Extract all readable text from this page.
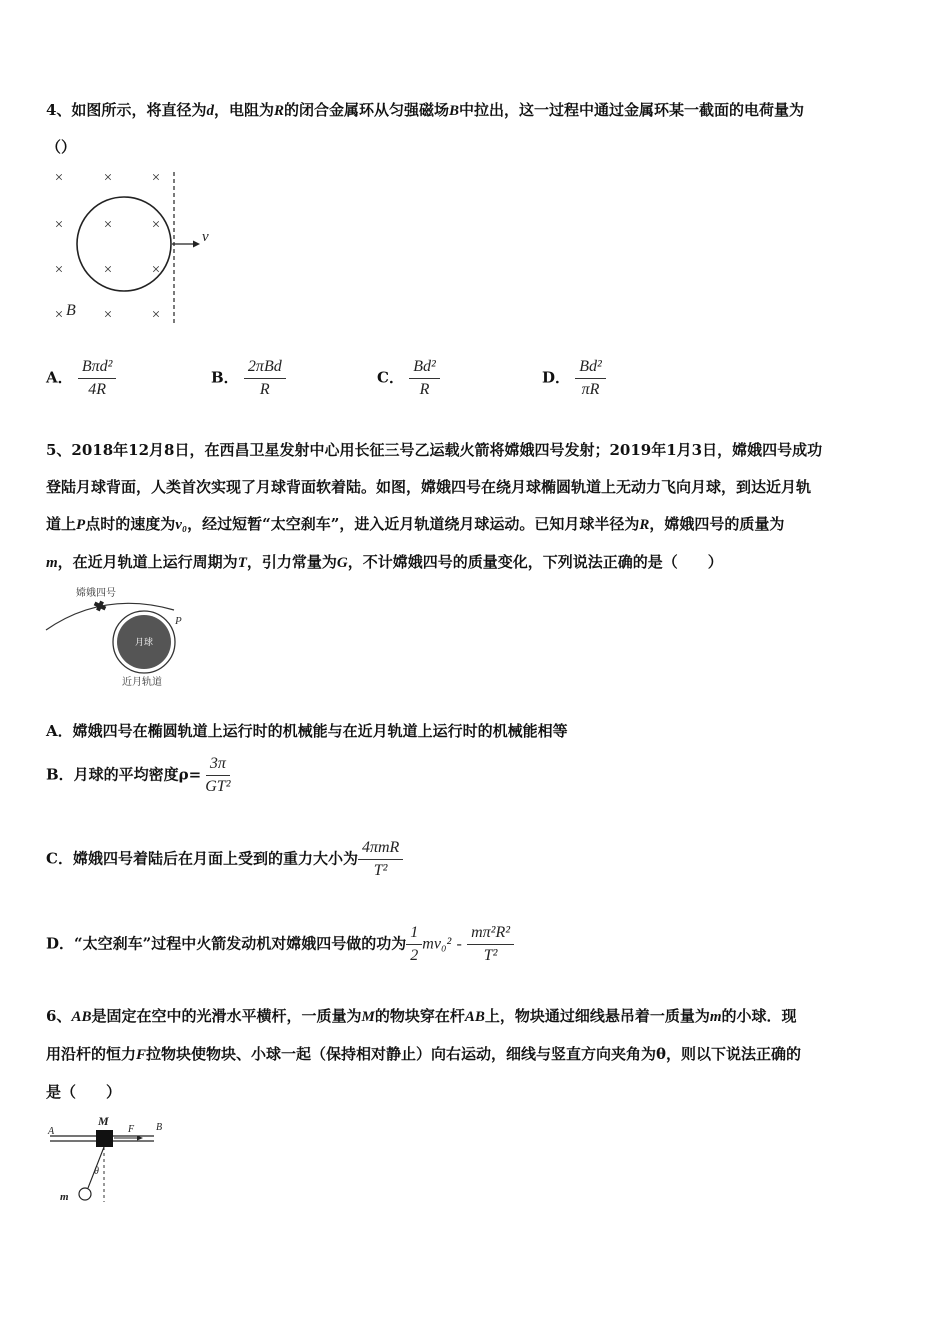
4、如图所示，将直径为d，电阻为R的闭合金属环从匀强磁场B中拉出，这一过程中通过金属环某一截面的电荷量为
（）
×	×	×
×	×	×
×	×	×
×	×	×
v
B
A． $\frac{\text{Bπd²}}{4R}$	B． $\frac{\text{2πBd}}{R}$	C． $\frac{\text{Bd²}}{R}$	D． $\frac{\text{Bd²}}{\pi R}$
5、2018年12月8日，在西昌卫星发射中心用长征三号乙运载火箭将嫦娥四号发射；2019年1月3日，嫦娥四号成功
登陆月球背面，人类首次实现了月球背面软着陆。如图，嫦娥四号在绕月球椭圆轨道上无动力飞向月球，到达近月轨
道上P点时的速度为v₀，经过短暂“太空刹车”，进入近月轨道绕月球运动。已知月球半径为R，嫦娥四号的质量为
m，在近月轨道上运行周期为T，引力常量为G，不计嫦娥四号的质量变化，下列说法正确的是（　　）
嫦娥四号
月球
P
近月轨道
A．嫦娥四号在椭圆轨道上运行时的机械能与在近月轨道上运行时的机械能相等
B．月球的平均密度$\rho= \frac{3\pi}{\text{GT²}}$
C．嫦娥四号着陆后在月面上受到的重力大小为 $\frac{\text{4πmR}}{\text{T²}}$
D．“太空刹车”过程中火箭发动机对嫦娥四号做的功为 $\frac{1}{2} mv_0^2 - \frac{\text{mπ²R²}}{\text{T²}}$
6、AB是固定在空中的光滑水平横杆，一质量为M的物块穿在杆AB上，物块通过细线悬吊着一质量为m的小球．现
用沿杆的恒力F拉物块使物块、小球一起（保持相对静止）向右运动，细线与竖直方向夹角为θ，则以下说法正确的
是（　　）
A	B
M
F
θ
m
